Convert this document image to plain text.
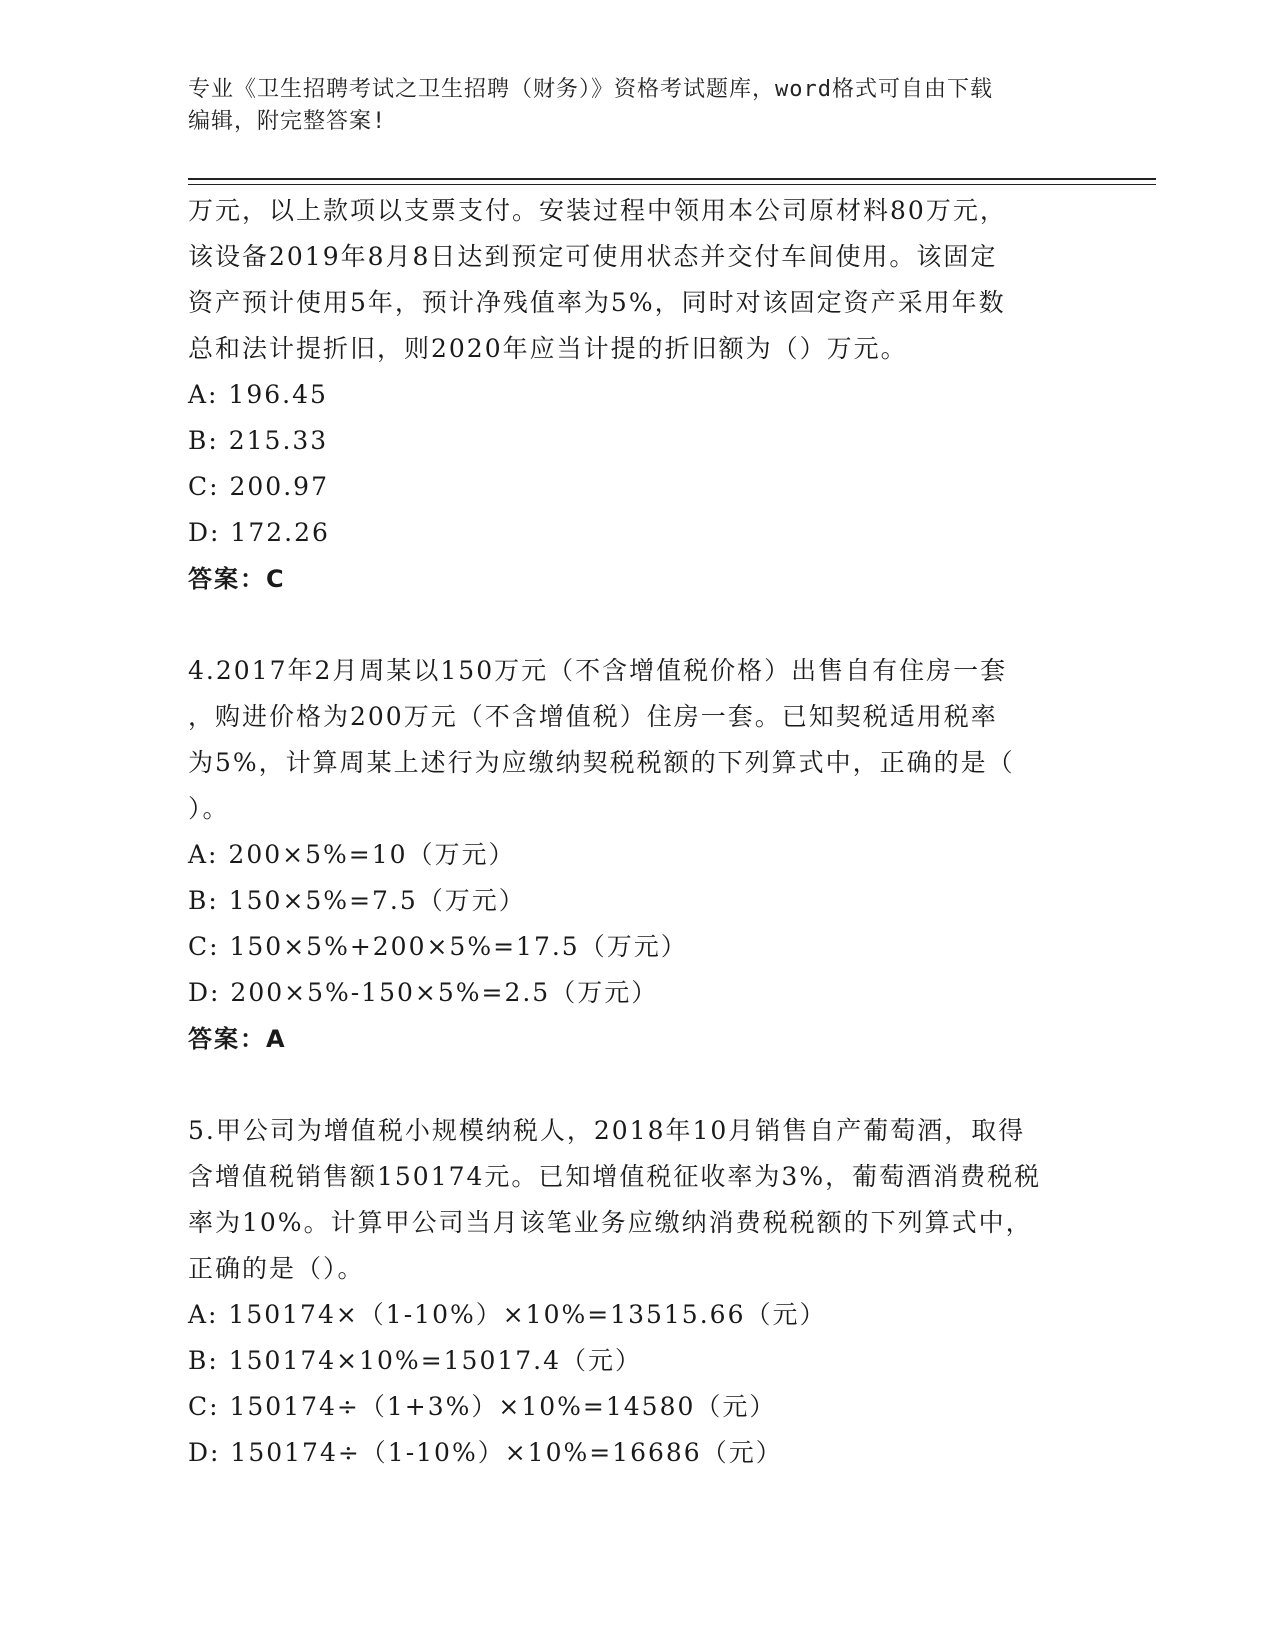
专业《卫生招聘考试之卫生招聘（财务）》资格考试题库，word格式可自由下载
编辑，附完整答案!

万元，以上款项以支票支付。安装过程中领用本公司原材料80万元，

该设备2019年8月8日达到预定可使用状态并交付车间使用。该固定

资产预计使用5年，预计净残值率为5%，同时对该固定资产采用年数

总和法计提折旧，则2020年应当计提的折旧额为（）万元。

A: 196.45

B: 215.33

C: 200.97

D: 172.26

答案：C

4.2017年2月周某以150万元（不含增值税价格）出售自有住房一套

，购进价格为200万元（不含增值税）住房一套。已知契税适用税率

为5%，计算周某上述行为应缴纳契税税额的下列算式中，正确的是（

）。

A: 200×5%=10（万元）

B: 150×5%=7.5（万元）

C: 150×5%+200×5%=17.5（万元）

D: 200×5%-150×5%=2.5（万元）

答案：A

5.甲公司为增值税小规模纳税人，2018年10月销售自产葡萄酒，取得

含增值税销售额150174元。已知增值税征收率为3%，葡萄酒消费税税

率为10%。计算甲公司当月该笔业务应缴纳消费税税额的下列算式中，

正确的是（）。

A: 150174×（1-10%）×10%=13515.66（元）

B: 150174×10%=15017.4（元）

C: 150174÷（1+3%）×10%=14580（元）

D: 150174÷（1-10%）×10%=16686（元）
